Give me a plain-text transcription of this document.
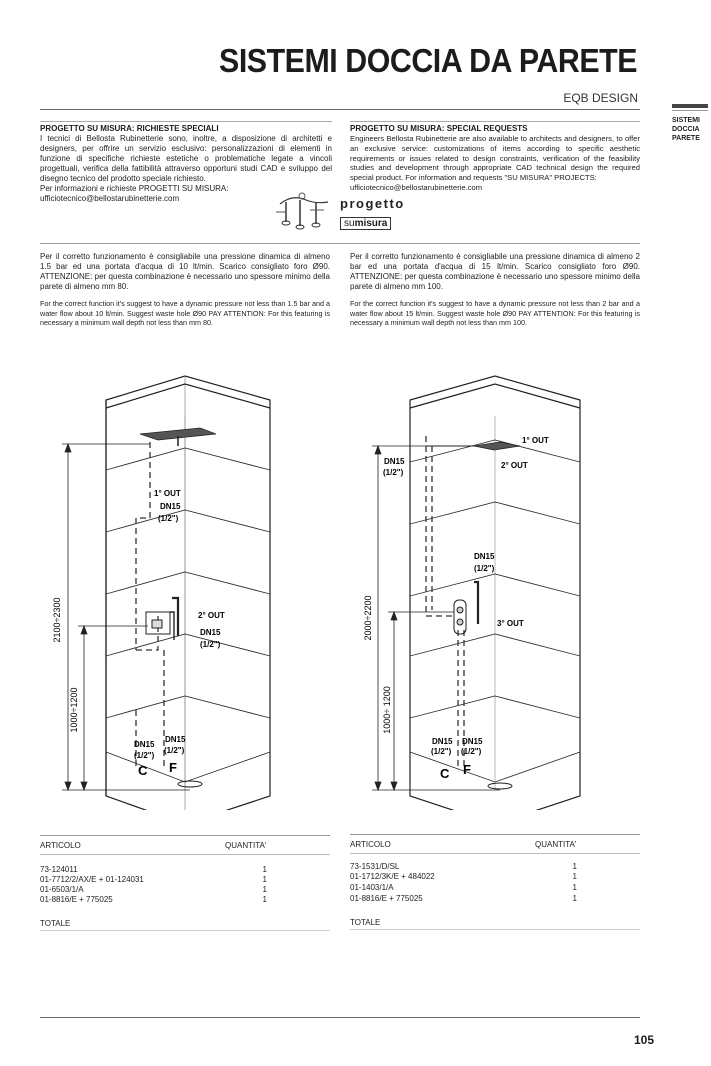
SISTEMI DOCCIA DA PARETE
EQB DESIGN
SISTEMI
DOCCIA
PARETE
PROGETTO SU MISURA: RICHIESTE SPECIALI
I tecnici di Bellosta Rubinetterie sono, inoltre, a disposizione di architetti e designers, per offrire un servizio esclusivo: personalizzazioni di elementi in funzione di specifiche richieste estetiche o problematiche legate a vincoli progettuali, verifica della fattibilità attraverso opportuni studi CAD e sviluppo del disegno tecnico del prodotto speciale richiesto.
Per informazioni e richieste PROGETTI SU MISURA:
ufficiotecnico@bellostarubinetterie.com
PROGETTO SU MISURA: SPECIAL REQUESTS
Engineers Bellosta Rubinetterie are also available to architects and designers, to offer an exclusive service: customizations of items according to specific aesthetic requirements or issues related to design constraints, verification of the feasibility studies and development through appropriate CAD technical design the required special product. For information and requests "SU MISURA" PROJECTS:
ufficiotecnico@bellostarubinetterie.com
progetto
sumisura
Per il corretto funzionamento è consigliabile una pressione dinamica di almeno 1.5 bar ed una portata d'acqua di 10 lt/min. Scarico consigliato foro Ø90. ATTENZIONE: per questa combinazione è necessario uno spessore minimo della parete di almeno mm 80.
For the correct function it's suggest to have a dynamic pressure not less than 1.5 bar and a water flow about 10 lt/min. Suggest waste hole Ø90 PAY ATTENTION: For this featuring is necessary a minimum wall depth not less than mm 80.
Per il corretto funzionamento è consigliabile una pressione dinamica di almeno 2 bar ed una portata d'acqua di 15 lt/min. Scarico consigliato foro Ø90. ATTENZIONE: per questa combinazione è necessario uno spessore minimo della parete di almeno mm 100.
For the correct function it's suggest to have a dynamic pressure not less than 2 bar and a water flow about 15 lt/min. Suggest waste hole Ø90 PAY ATTENTION: For this featuring is necessary a minimum wall depth not less than mm 100.
2100÷2300
1000÷1200
1° OUT
DN15
(1/2")
2° OUT
DN15
(1/2")
DN15
(1/2")
DN15
(1/2")
C F
2000÷2200
1000÷ 1200
1° OUT
2° OUT
3° OUT
DN15
(1/2")
DN15
(1/2")
DN15
(1/2")
DN15
(1/2")
C F
ARTICOLO	QUANTITA'
73-124011	1
01-7712/2/AX/E + 01-124031	1
01-6503/1/A	1
01-8816/E + 775025	1
TOTALE
ARTICOLO	QUANTITA'
73-1531/D/SL	1
01-1712/3K/E + 484022	1
01-1403/1/A	1
01-8816/E + 775025	1
TOTALE
105
